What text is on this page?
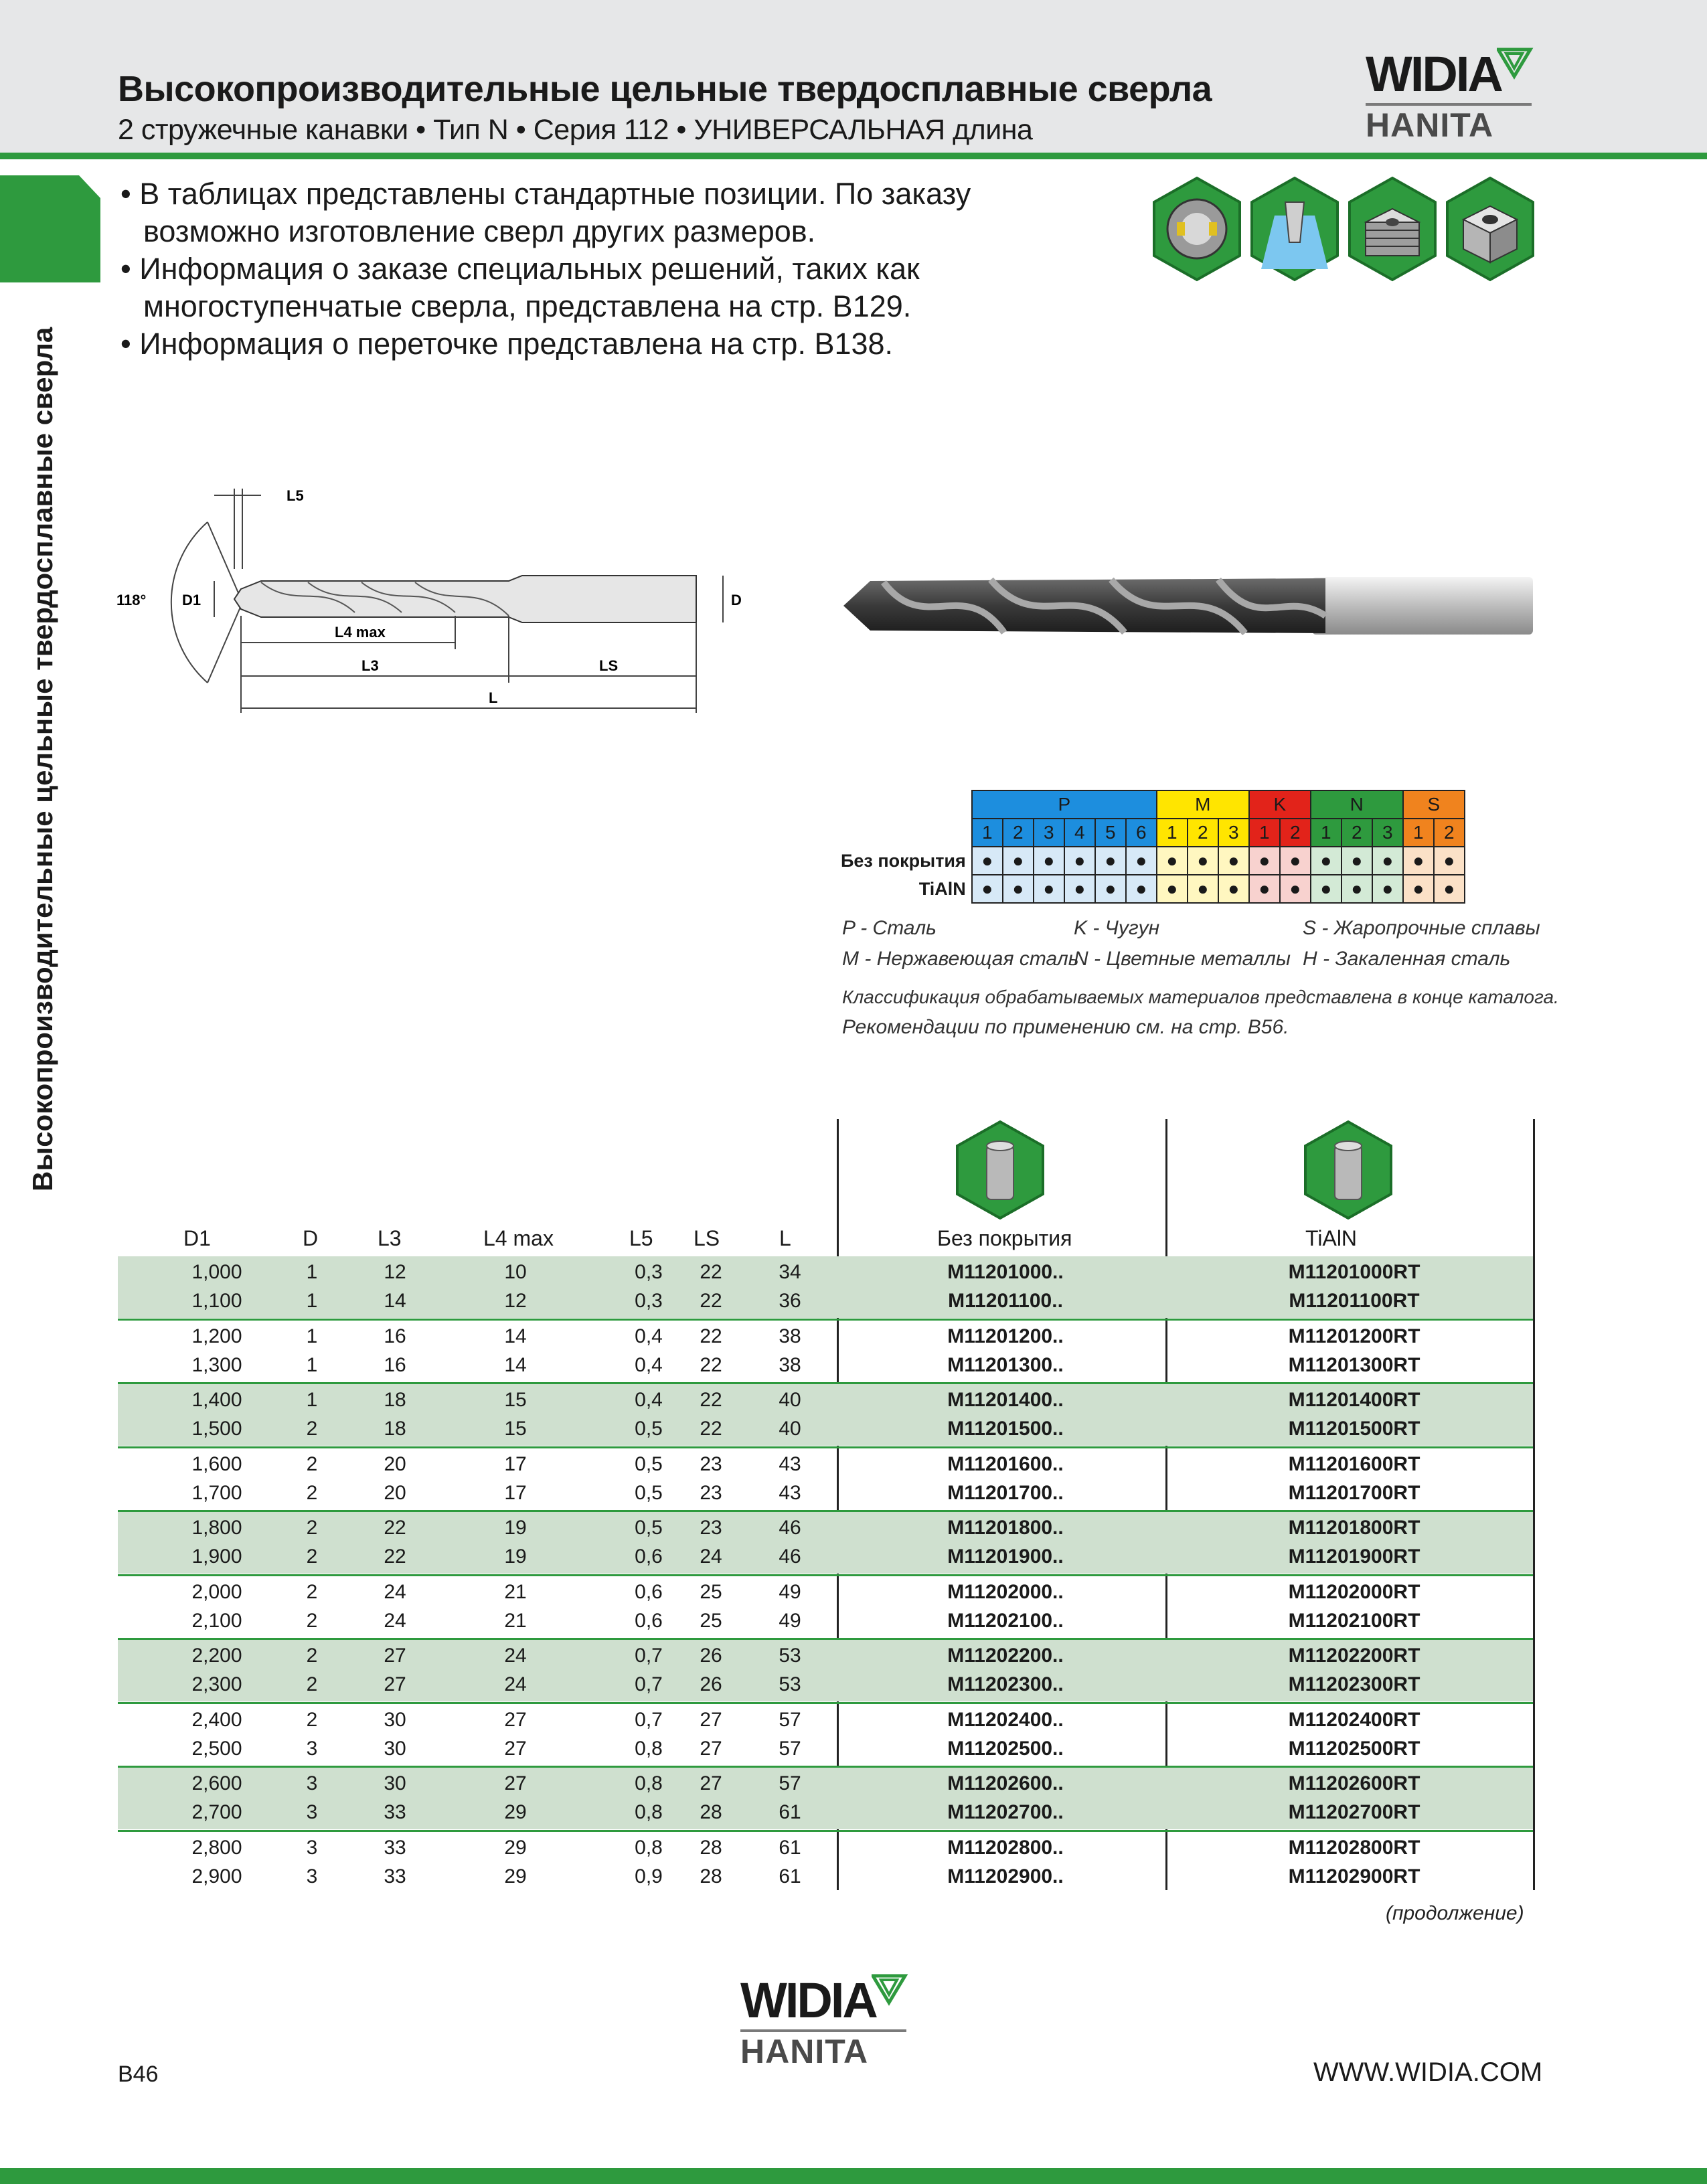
Высокопроизводительные цельные твердосплавные сверла
2 стружечные канавки • Тип N • Серия 112 • УНИВЕРСАЛЬНАЯ длина
WIDIA
HANITA
Высокопроизводительные цельные твердосплавные сверла
• В таблицах представлены стандартные позиции. По заказу возможно изготовление сверл других размеров.
• Информация о заказе специальных решений, таких как многоступенчатые сверла, представлена на стр. B129.
• Информация о переточке представлена на стр. B138.
118° D1	D
L5
L4 max
L3	LS
L
	P						M			K		N			S	
	1	2	3	4	5	6	1	2	3	1	2	1	2	3	1	2
Без покрытия	●	●	●	●	●	●	●	●	●	●	●	●	●	●	●	●
TiAlN	●	●	●	●	●	●	●	●	●	●	●	●	●	●	●	●
P - Сталь	K - Чугун	S - Жаропрочные сплавы
M - Нержавеющая сталь
N - Цветные металлы H - Закаленная сталь
Классификация обрабатываемых материалов представлена в конце каталога.
Рекомендации по применению см. на стр. B56.
D1	D	L3	L4 max	L5 LS	L	Без покрытия	TiAlN
1,000	1	12	10	0,3	22	34	M11201000..	M11201000RT
1,100	1	14	12	0,3	22	36	M11201100..	M11201100RT
1,200	1	16	14	0,4	22	38	M11201200..	M11201200RT
1,300	1	16	14	0,4	22	38	M11201300..	M11201300RT
1,400	1	18	15	0,4	22	40	M11201400..	M11201400RT
1,500	2	18	15	0,5	22	40	M11201500..	M11201500RT
1,600	2	20	17	0,5	23	43	M11201600..	M11201600RT
1,700	2	20	17	0,5	23	43	M11201700..	M11201700RT
1,800	2	22	19	0,5	23	46	M11201800..	M11201800RT
1,900	2	22	19	0,6	24	46	M11201900..	M11201900RT
2,000	2	24	21	0,6	25	49	M11202000..	M11202000RT
2,100	2	24	21	0,6	25	49	M11202100..	M11202100RT
2,200	2	27	24	0,7	26	53	M11202200..	M11202200RT
2,300	2	27	24	0,7	26	53	M11202300..	M11202300RT
2,400	2	30	27	0,7	27	57	M11202400..	M11202400RT
2,500	3	30	27	0,8	27	57	M11202500..	M11202500RT
2,600	3	30	27	0,8	27	57	M11202600..	M11202600RT
2,700	3	33	29	0,8	28	61	M11202700..	M11202700RT
2,800	3	33	29	0,8	28	61	M11202800..	M11202800RT
2,900	3	33	29	0,9	28	61	M11202900..	M11202900RT
(продолжение)
WIDIA
HANITA
B46	WWW.WIDIA.COM
